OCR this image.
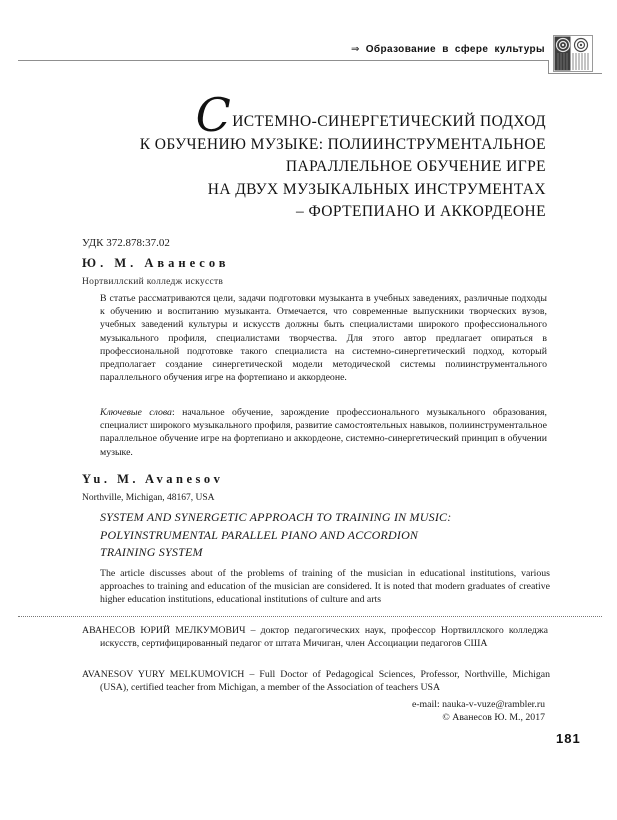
⇒ Образование в сфере культуры
СИСТЕМНО-СИНЕРГЕТИЧЕСКИЙ ПОДХОД
К ОБУЧЕНИЮ МУЗЫКЕ: ПОЛИИНСТРУМЕНТАЛЬНОЕ
ПАРАЛЛЕЛЬНОЕ ОБУЧЕНИЕ ИГРЕ
НА ДВУХ МУЗЫКАЛЬНЫХ ИНСТРУМЕНТАХ
– ФОРТЕПИАНО И АККОРДЕОНЕ
УДК 372.878:37.02
Ю. М. Аванесов
Нортвиллский колледж искусств
В статье рассматриваются цели, задачи подготовки музыканта в учебных заведениях, различные подходы к обучению и воспитанию музыканта. Отмечается, что современные выпускники творческих вузов, учебных заведений культуры и искусств должны быть специалистами широкого профессионального музыкального профиля, специалистами творчества. Для этого автор предлагает опираться в профессиональной подготовке такого специалиста на системно-синергетический подход, который предполагает создание синергетической модели методической системы полиинструментального параллельного обучения игре на фортепиано и аккордеоне.
Ключевые слова: начальное обучение, зарождение профессионального музыкального образования, специалист широкого музыкального профиля, развитие самостоятельных навыков, полиинструментальное параллельное обучение игре на фортепиано и аккордеоне, системно-синергетический принцип в обучении музыке.
Yu. M. Avanesov
Northville, Michigan, 48167, USA
SYSTEM AND SYNERGETIC APPROACH TO TRAINING IN MUSIC:
POLYINSTRUMENTAL PARALLEL PIANO AND ACCORDION
TRAINING SYSTEM
The article discusses about of the problems of training of the musician in educational institutions, various approaches to training and education of the musician are considered. It is noted that modern graduates of creative higher education institutions, educational institutions of culture and arts
АВАНЕСОВ ЮРИЙ МЕЛКУМОВИЧ – доктор педагогических наук, профессор Нортвиллского колледжа искусств, сертифицированный педагог от штата Мичиган, член Ассоциации педагогов США
AVANESOV YURY MELKUMOVICH – Full Doctor of Pedagogical Sciences, Professor, Northville, Michigan (USA), certified teacher from Michigan, a member of the Association of teachers USA
e-mail: nauka-v-vuze@rambler.ru
© Аванесов Ю. М., 2017
181
